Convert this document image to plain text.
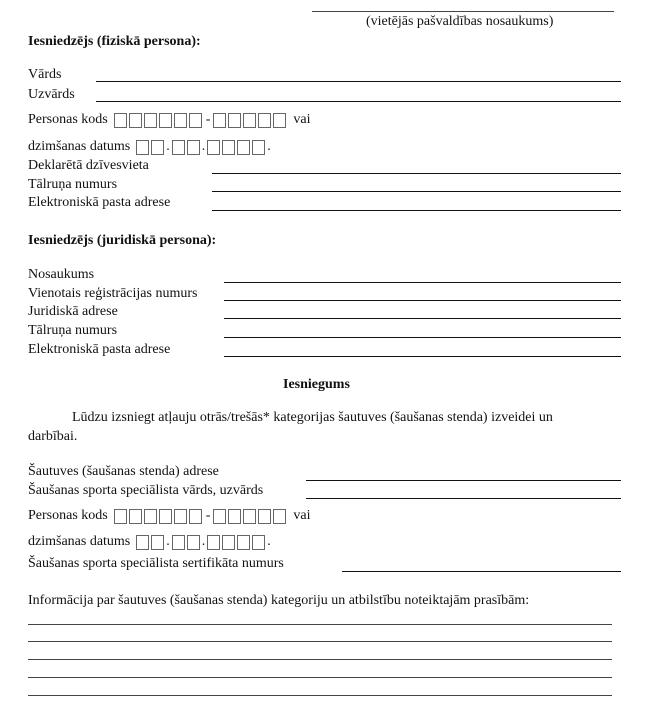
(vietējās pašvaldības nosaukums)
Iesniedzējs (fiziskā persona):
Vārds
Uzvārds
Personas kods	-	vai
dzimšanas datums	. .	.
Deklarētā dzīvesvieta
Tālruņa numurs
Elektroniskā pasta adrese
Iesniedzējs (juridiskā persona):
Nosaukums
Vienotais reģistrācijas numurs
Juridiskā adrese
Tālruņa numurs
Elektroniskā pasta adrese
Iesniegums
Lūdzu izsniegt atļauju otrās/trešās* kategorijas šautuves (šaušanas stenda) izveidei un
darbībai.
Šautuves (šaušanas stenda) adrese
Šaušanas sporta speciālista vārds, uzvārds
Personas kods	-	vai
dzimšanas datums	. .	.
Šaušanas sporta speciālista sertifikāta numurs
Informācija par šautuves (šaušanas stenda) kategoriju un atbilstību noteiktajām prasībām:
